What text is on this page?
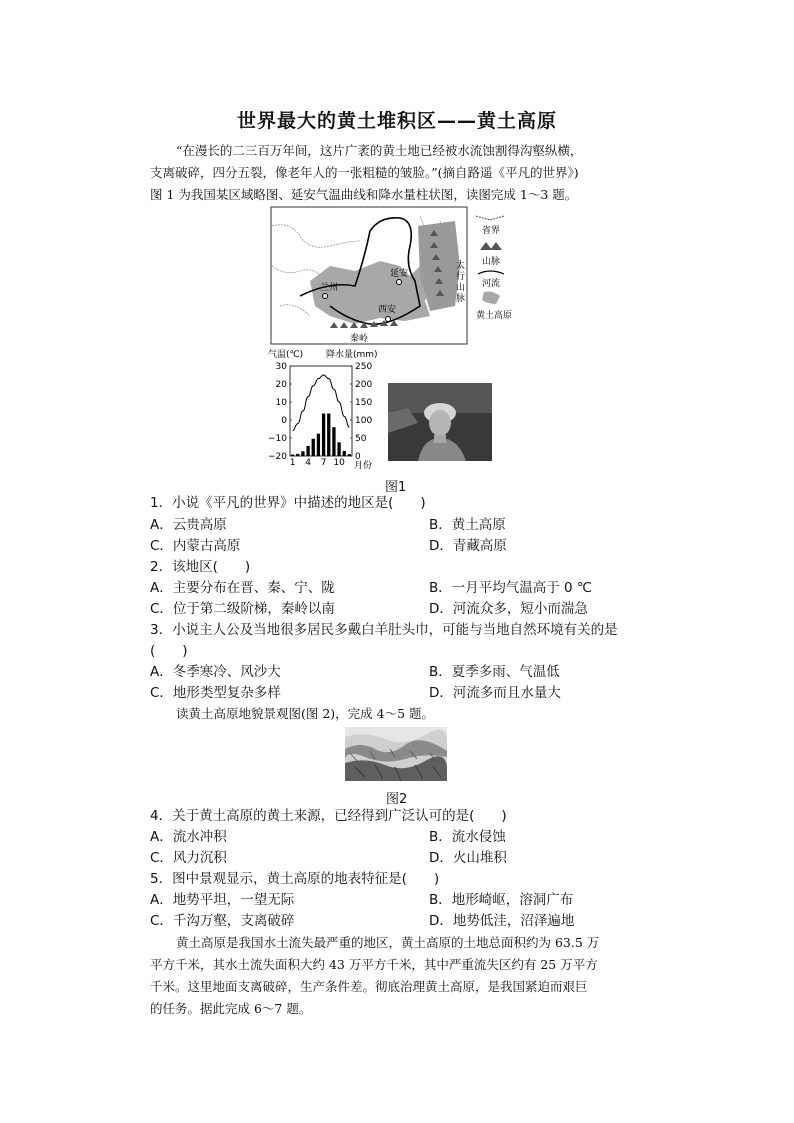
世界最大的黄土堆积区——黄土高原
“在漫长的二三百万年间，这片广袤的黄土地已经被水流蚀割得沟壑纵横，
支离破碎，四分五裂，像老年人的一张粗糙的皱脸。”(摘自路遥《平凡的世界》)
图 1 为我国某区域略图、延安气温曲线和降水量柱状图，读图完成 1～3 题。
延安
兰州
西安
秦岭
太
行
山
脉
省界
山脉
河流
黄土高原
气温(℃)	降水量(mm)
30
20
10
0
−10
−20
250
200
150
100
50
0
1 4 7 10 月份
图1
1．小说《平凡的世界》中描述的地区是(　　)
A．云贵高原	B．黄土高原
C．内蒙古高原	D．青藏高原
2．该地区(　　)
A．主要分布在晋、秦、宁、陇	B．一月平均气温高于 0 ℃
C．位于第二级阶梯，秦岭以南	D．河流众多，短小而湍急
3．小说主人公及当地很多居民多戴白羊肚头巾，可能与当地自然环境有关的是
(　　)
A．冬季寒冷、风沙大	B．夏季多雨、气温低
C．地形类型复杂多样	D．河流多而且水量大
读黄土高原地貌景观图(图 2)，完成 4～5 题。
图2
4．关于黄土高原的黄土来源，已经得到广泛认可的是(　　)
A．流水冲积	B．流水侵蚀
C．风力沉积	D．火山堆积
5．图中景观显示，黄土高原的地表特征是(　　)
A．地势平坦，一望无际	B．地形崎岖，溶洞广布
C．千沟万壑，支离破碎	D．地势低洼，沼泽遍地
黄土高原是我国水土流失最严重的地区，黄土高原的土地总面积约为 63.5 万
平方千米，其水土流失面积大约 43 万平方千米，其中严重流失区约有 25 万平方
千米。这里地面支离破碎，生产条件差。彻底治理黄土高原，是我国紧迫而艰巨
的任务。据此完成 6～7 题。
